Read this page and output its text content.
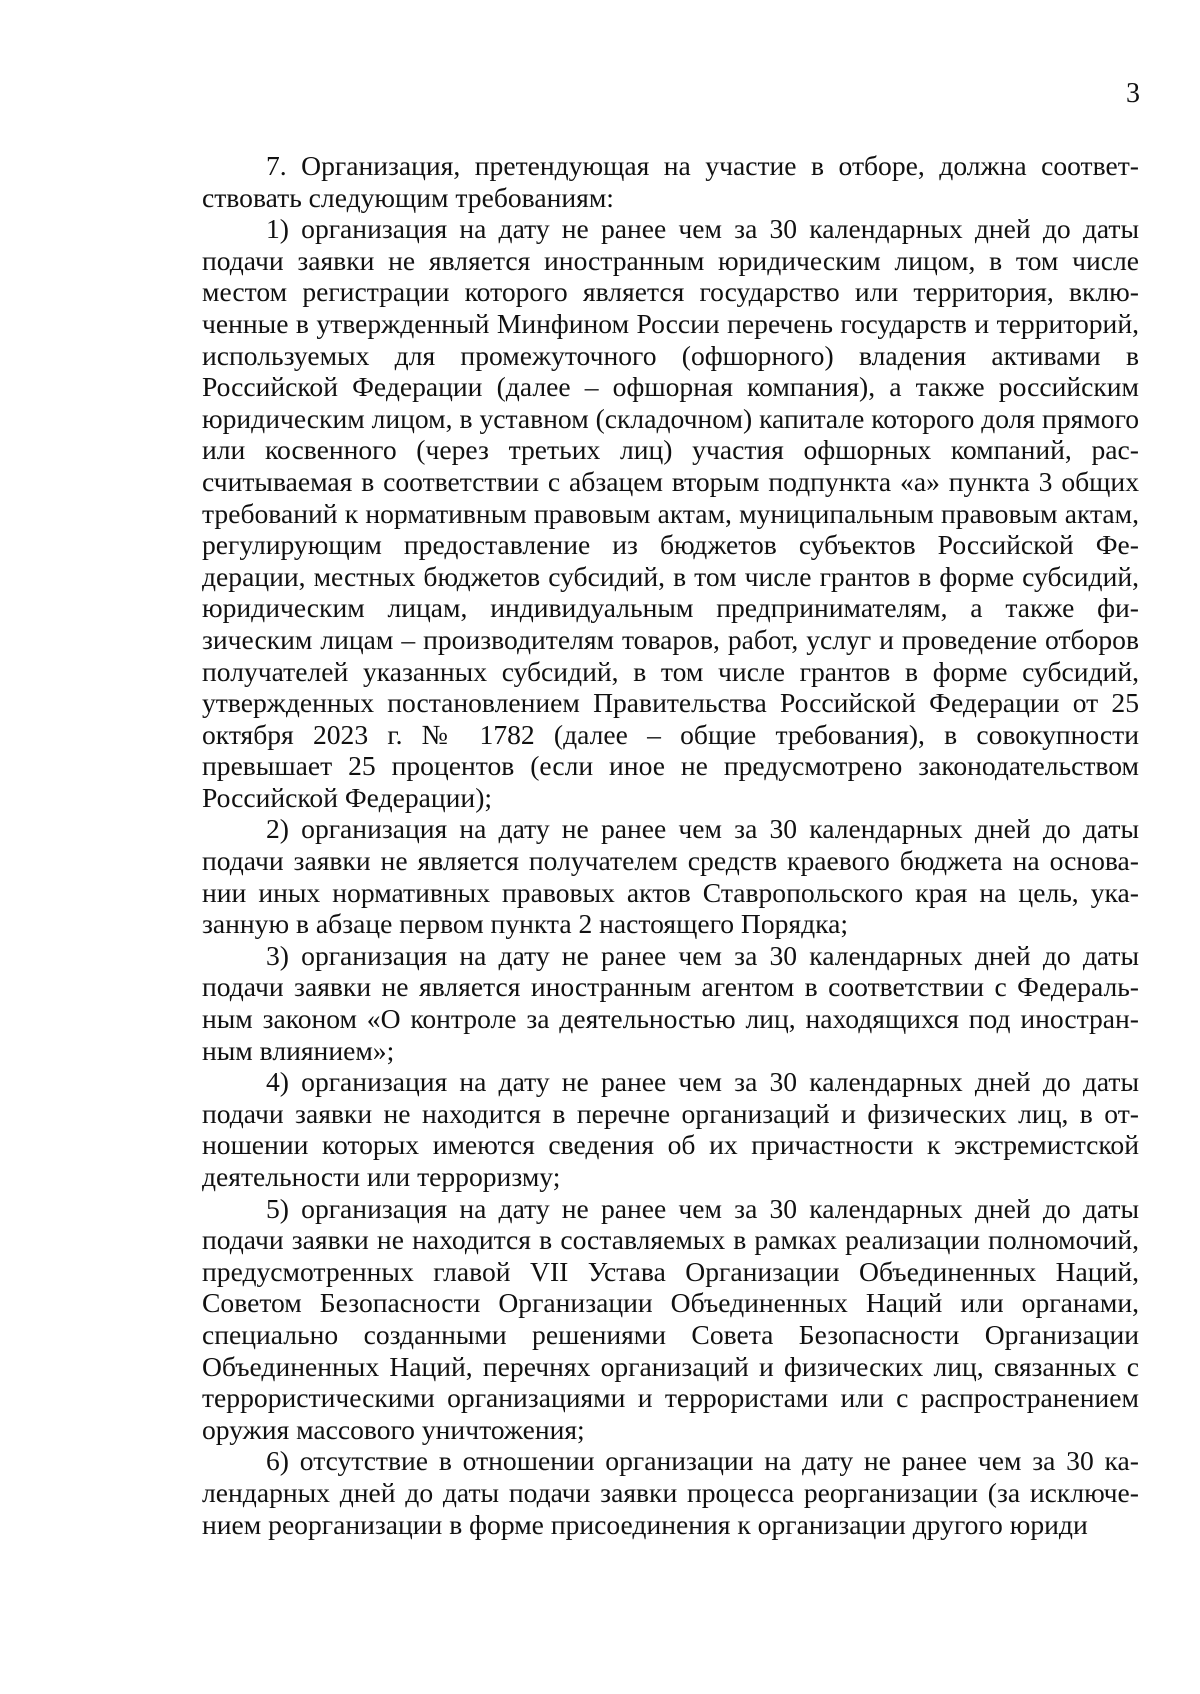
3

7. Организация, претендующая на участие в отборе, должна соответствовать следующим требованиям:

1) организация на дату не ранее чем за 30 календарных дней до даты подачи заявки не является иностранным юридическим лицом, в том числе местом регистрации которого является государство или территория, включенные в утвержденный Минфином России перечень государств и территорий, используемых для промежуточного (офшорного) владения активами в Российской Федерации (далее – офшорная компания), а также российским юридическим лицом, в уставном (складочном) капитале которого доля прямого или косвенного (через третьих лиц) участия офшорных компаний, рассчитываемая в соответствии с абзацем вторым подпункта «а» пункта 3 общих требований к нормативным правовым актам, муниципальным правовым актам, регулирующим предоставление из бюджетов субъектов Российской Федерации, местных бюджетов субсидий, в том числе грантов в форме субсидий, юридическим лицам, индивидуальным предпринимателям, а также физическим лицам – производителям товаров, работ, услуг и проведение отборов получателей указанных субсидий, в том числе грантов в форме субсидий, утвержденных постановлением Правительства Российской Федерации от 25 октября 2023 г. № 1782 (далее – общие требования), в совокупности превышает 25 процентов (если иное не предусмотрено законодательством Российской Федерации);

2) организация на дату не ранее чем за 30 календарных дней до даты подачи заявки не является получателем средств краевого бюджета на основании иных нормативных правовых актов Ставропольского края на цель, указанную в абзаце первом пункта 2 настоящего Порядка;

3) организация на дату не ранее чем за 30 календарных дней до даты подачи заявки не является иностранным агентом в соответствии с Федеральным законом «О контроле за деятельностью лиц, находящихся под иностранным влиянием»;

4) организация на дату не ранее чем за 30 календарных дней до даты подачи заявки не находится в перечне организаций и физических лиц, в отношении которых имеются сведения об их причастности к экстремистской деятельности или терроризму;

5) организация на дату не ранее чем за 30 календарных дней до даты подачи заявки не находится в составляемых в рамках реализации полномочий, предусмотренных главой VII Устава Организации Объединенных Наций, Советом Безопасности Организации Объединенных Наций или органами, специально созданными решениями Совета Безопасности Организации Объединенных Наций, перечнях организаций и физических лиц, связанных с террористическими организациями и террористами или с распространением оружия массового уничтожения;

6) отсутствие в отношении организации на дату не ранее чем за 30 календарных дней до даты подачи заявки процесса реорганизации (за исключением реорганизации в форме присоединения к организации другого юриди
